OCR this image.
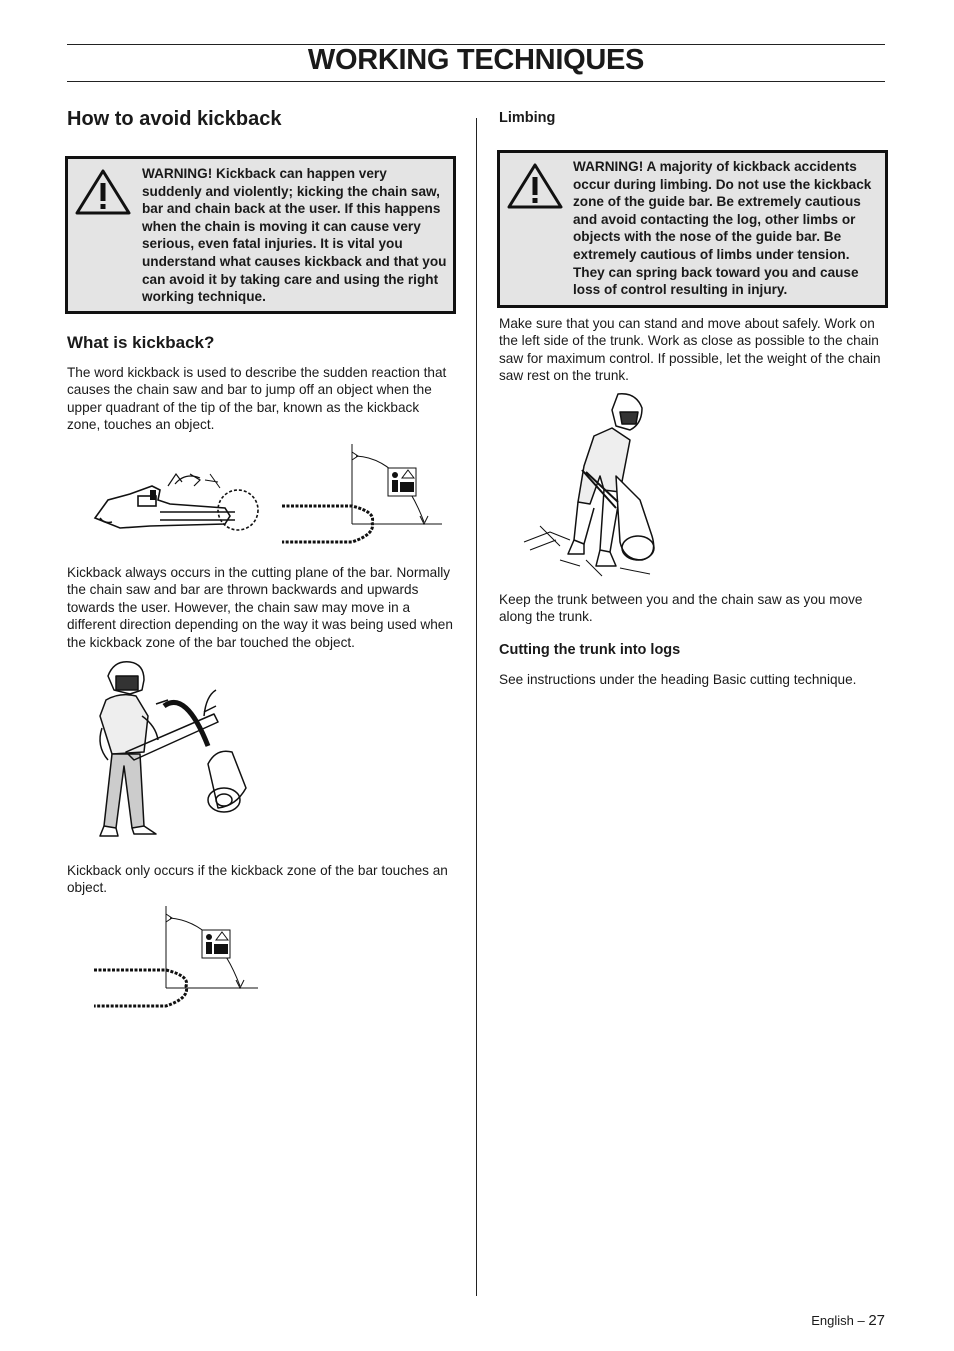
WORKING TECHNIQUES
How to avoid kickback
WARNING! Kickback can happen very suddenly and violently; kicking the chain saw, bar and chain back at the user. If this happens when the chain is moving it can cause very serious, even fatal injuries. It is vital you understand what causes kickback and that you can avoid it by taking care and using the right working technique.
What is kickback?
The word kickback is used to describe the sudden reaction that causes the chain saw and bar to jump off an object when the upper quadrant of the tip of the bar, known as the kickback zone, touches an object.
Kickback always occurs in the cutting plane of the bar. Normally the chain saw and bar are thrown backwards and upwards towards the user. However, the chain saw may move in a different direction depending on the way it was being used when the kickback zone of the bar touched the object.
Kickback only occurs if the kickback zone of the bar touches an object.
Limbing
WARNING! A majority of kickback accidents occur during limbing. Do not use the kickback zone of the guide bar. Be extremely cautious and avoid contacting the log, other limbs or objects with the nose of the guide bar. Be extremely cautious of limbs under tension. They can spring back toward you and cause loss of control resulting in injury.
Make sure that you can stand and move about safely. Work on the left side of the trunk. Work as close as possible to the chain saw for maximum control. If possible, let the weight of the chain saw rest on the trunk.
Keep the trunk between you and the chain saw as you move along the trunk.
Cutting the trunk into logs
See instructions under the heading Basic cutting technique.
English – 27
